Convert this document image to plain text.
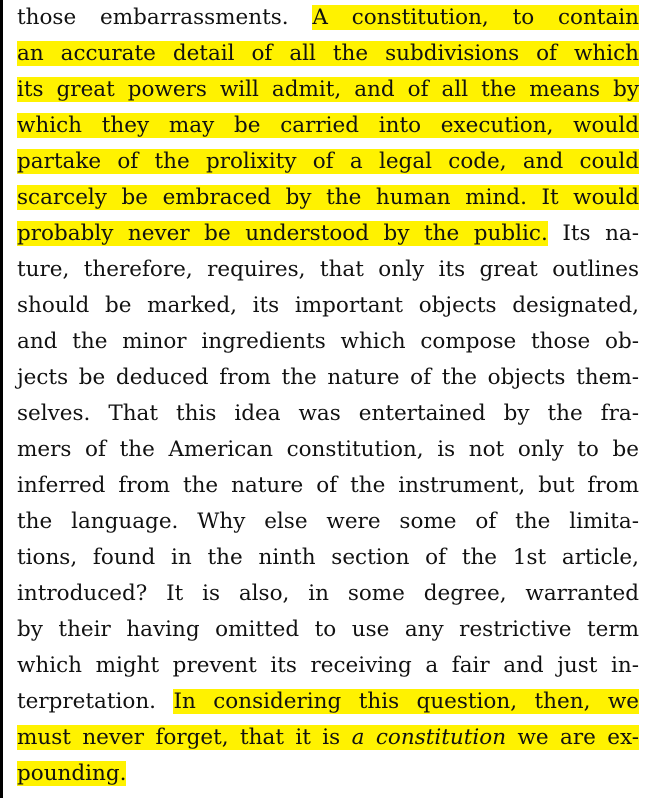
those embarrassments. A constitution, to contain
an accurate detail of all the subdivisions of which
its great powers will admit, and of all the means by
which they may be carried into execution, would
partake of the prolixity of a legal code, and could
scarcely be embraced by the human mind. It would
probably never be understood by the public. Its na-
ture, therefore, requires, that only its great outlines
should be marked, its important objects designated,
and the minor ingredients which compose those ob-
jects be deduced from the nature of the objects them-
selves. That this idea was entertained by the fra-
mers of the American constitution, is not only to be
inferred from the nature of the instrument, but from
the language. Why else were some of the limita-
tions, found in the ninth section of the 1st article,
introduced? It is also, in some degree, warranted
by their having omitted to use any restrictive term
which might prevent its receiving a fair and just in-
terpretation. In considering this question, then, we
must never forget, that it is a constitution we are ex-
pounding.
